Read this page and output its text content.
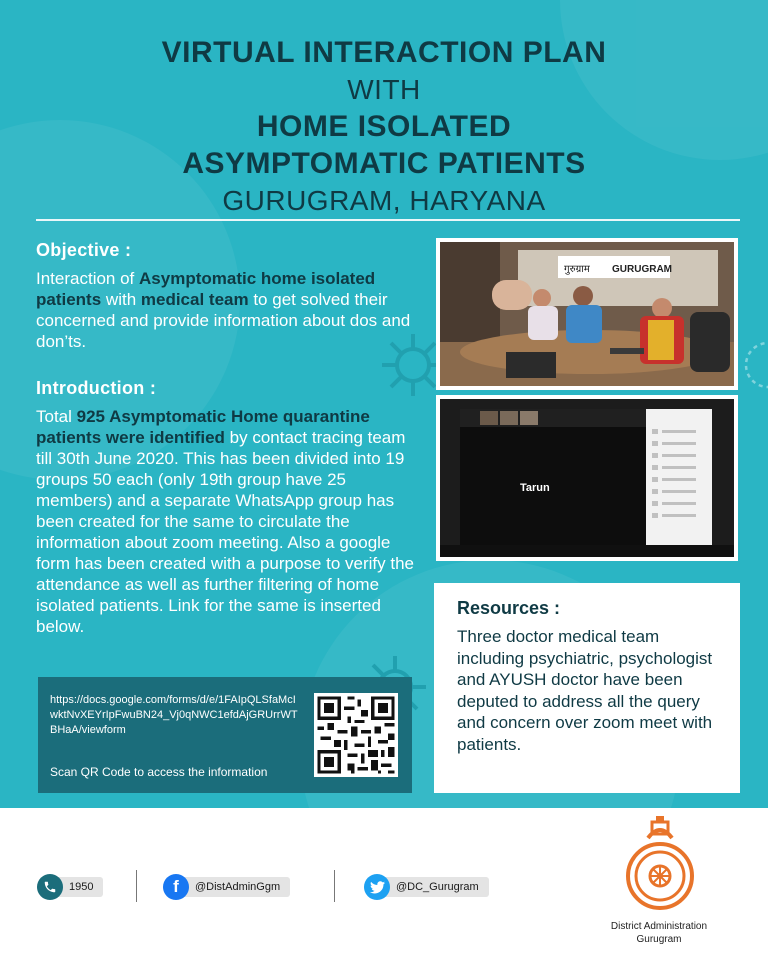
VIRTUAL INTERACTION PLAN
WITH
HOME ISOLATED
ASYMPTOMATIC PATIENTS
GURUGRAM, HARYANA
Objective :

Interaction of Asymptomatic home isolated patients with medical team to get solved their concerned and provide information about dos and don’ts.

Introduction :

Total 925 Asymptomatic Home quarantine patients were identified by contact tracing team till 30th June 2020. This has been divided into 19 groups 50 each (only 19th group have 25 members) and a separate WhatsApp group has been created for the same to circulate the information about zoom meeting. Also a google form has been created with a purpose to verify the attendance as well as further filtering of home isolated patients. Link for the same is inserted below.

गुरुग्राम GURUGRAM
Tarun
https://docs.google.com/forms/d/e/1FAIpQLSfaMcIwktNvXEYrIpFwuBN24_Vj0qNWC1efdAjGRUrrWTBHaA/viewform
Scan QR Code to access the information
Resources :
Three doctor medical team including psychiatric, psychologist and AYUSH doctor have been deputed to address all the query and concern over zoom meet with patients.
1950	f	@DistAdminGgm	@DC_Gurugram
District Administration
Gurugram
